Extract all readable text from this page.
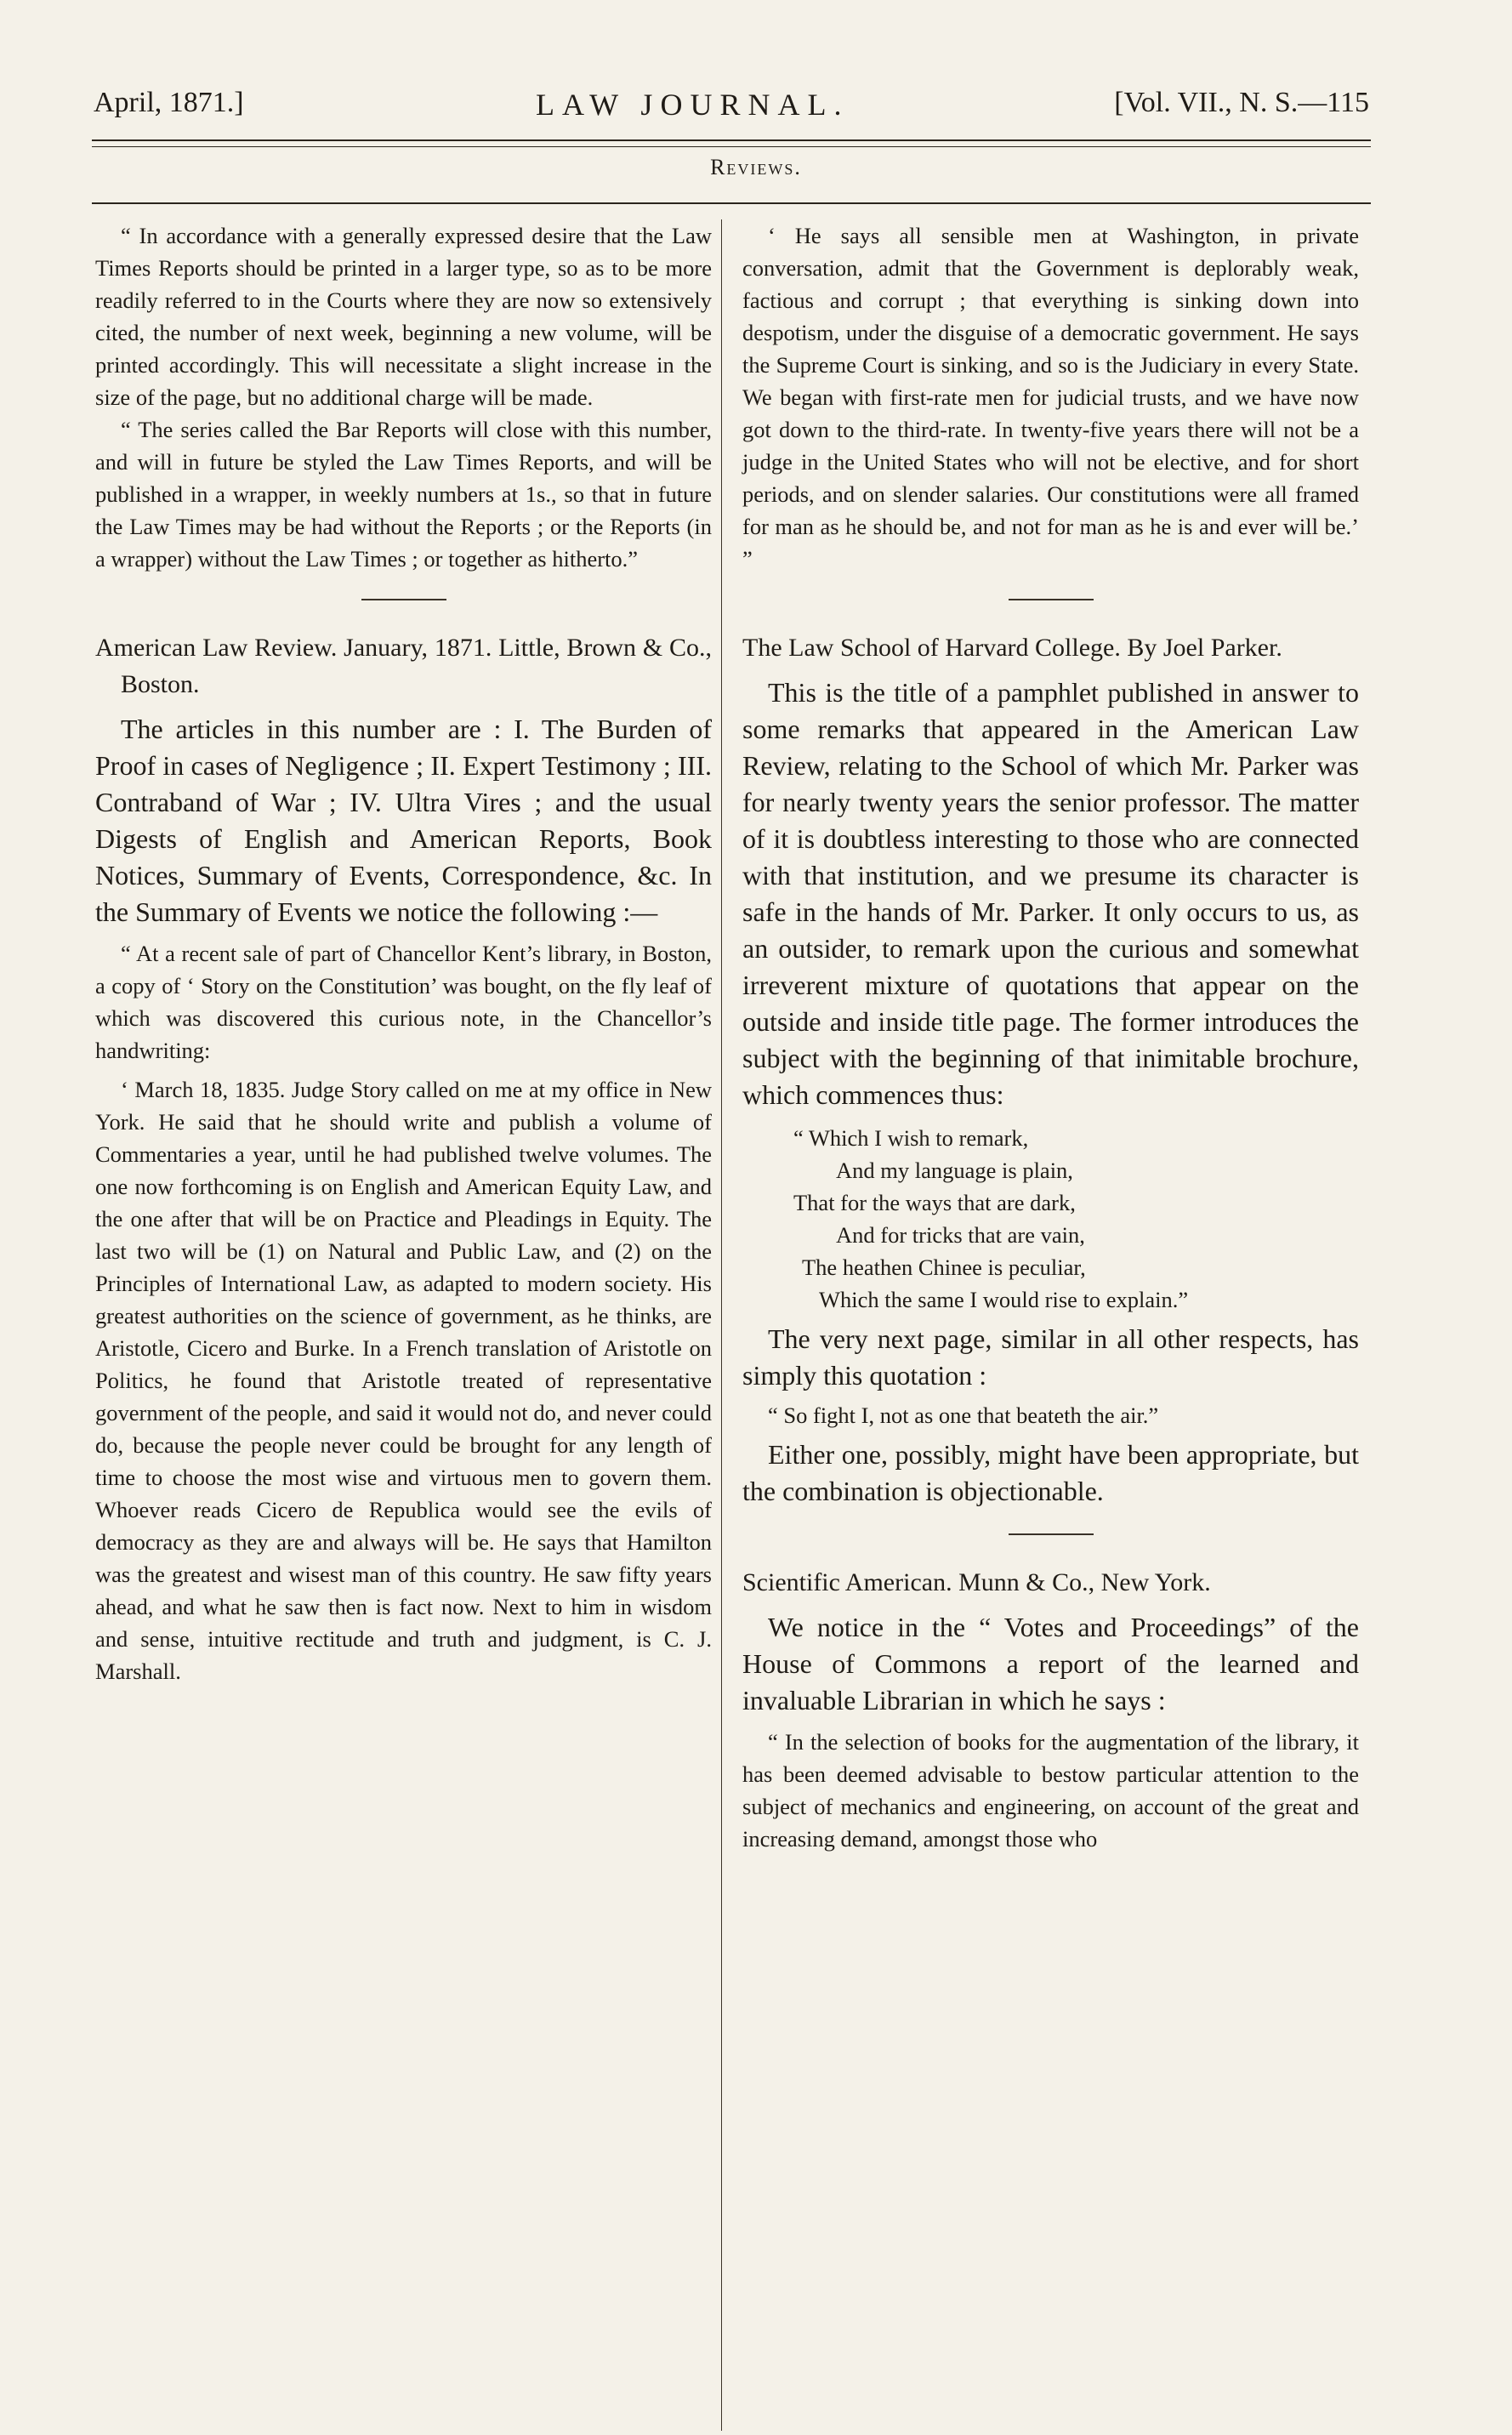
April, 1871.]	LAW JOURNAL.	[Vol. VII., N. S.—115
Reviews.

“ In accordance with a generally expressed desire that the Law Times Reports should be printed in a larger type, so as to be more readily referred to in the Courts where they are now so extensively cited, the number of next week, beginning a new volume, will be printed accordingly. This will necessitate a slight increase in the size of the page, but no additional charge will be made.

“ The series called the Bar Reports will close with this number, and will in future be styled the Law Times Reports, and will be published in a wrapper, in weekly numbers at 1s., so that in future the Law Times may be had without the Reports ; or the Reports (in a wrapper) without the Law Times ; or together as hitherto.”

American Law Review. January, 1871. Little, Brown & Co., Boston.

The articles in this number are : I. The Burden of Proof in cases of Negligence ; II. Expert Testimony ; III. Contraband of War ; IV. Ultra Vires ; and the usual Digests of English and American Reports, Book Notices, Summary of Events, Correspondence, &c. In the Summary of Events we notice the following :—

“ At a recent sale of part of Chancellor Kent’s library, in Boston, a copy of ‘ Story on the Constitution’ was bought, on the fly leaf of which was discovered this curious note, in the Chancellor’s handwriting:

‘ March 18, 1835. Judge Story called on me at my office in New York. He said that he should write and publish a volume of Commentaries a year, until he had published twelve volumes. The one now forthcoming is on English and American Equity Law, and the one after that will be on Practice and Pleadings in Equity. The last two will be (1) on Natural and Public Law, and (2) on the Principles of International Law, as adapted to modern society. His greatest authorities on the science of government, as he thinks, are Aristotle, Cicero and Burke. In a French translation of Aristotle on Politics, he found that Aristotle treated of representative government of the people, and said it would not do, and never could do, because the people never could be brought for any length of time to choose the most wise and virtuous men to govern them. Whoever reads Cicero de Republica would see the evils of democracy as they are and always will be. He says that Hamilton was the greatest and wisest man of this country. He saw fifty years ahead, and what he saw then is fact now. Next to him in wisdom and sense, intuitive rectitude and truth and judgment, is C. J. Marshall.

‘ He says all sensible men at Washington, in private conversation, admit that the Government is deplorably weak, factious and corrupt ; that everything is sinking down into despotism, under the disguise of a democratic government. He says the Supreme Court is sinking, and so is the Judiciary in every State. We began with first-rate men for judicial trusts, and we have now got down to the third-rate. In twenty-five years there will not be a judge in the United States who will not be elective, and for short periods, and on slender salaries. Our constitutions were all framed for man as he should be, and not for man as he is and ever will be.’ ”

The Law School of Harvard College. By Joel Parker.

This is the title of a pamphlet published in answer to some remarks that appeared in the American Law Review, relating to the School of which Mr. Parker was for nearly twenty years the senior professor. The matter of it is doubtless interesting to those who are connected with that institution, and we presume its character is safe in the hands of Mr. Parker. It only occurs to us, as an outsider, to remark upon the curious and somewhat irreverent mixture of quotations that appear on the outside and inside title page. The former introduces the subject with the beginning of that inimitable brochure, which commences thus:

“ Which I wish to remark,
And my language is plain,
That for the ways that are dark,
And for tricks that are vain,
The heathen Chinee is peculiar,
Which the same I would rise to explain.”

The very next page, similar in all other respects, has simply this quotation :

“ So fight I, not as one that beateth the air.”

Either one, possibly, might have been appropriate, but the combination is objectionable.

Scientific American. Munn & Co., New York.

We notice in the “ Votes and Proceedings” of the House of Commons a report of the learned and invaluable Librarian in which he says :

“ In the selection of books for the augmentation of the library, it has been deemed advisable to bestow particular attention to the subject of mechanics and engineering, on account of the great and increasing demand, amongst those who
